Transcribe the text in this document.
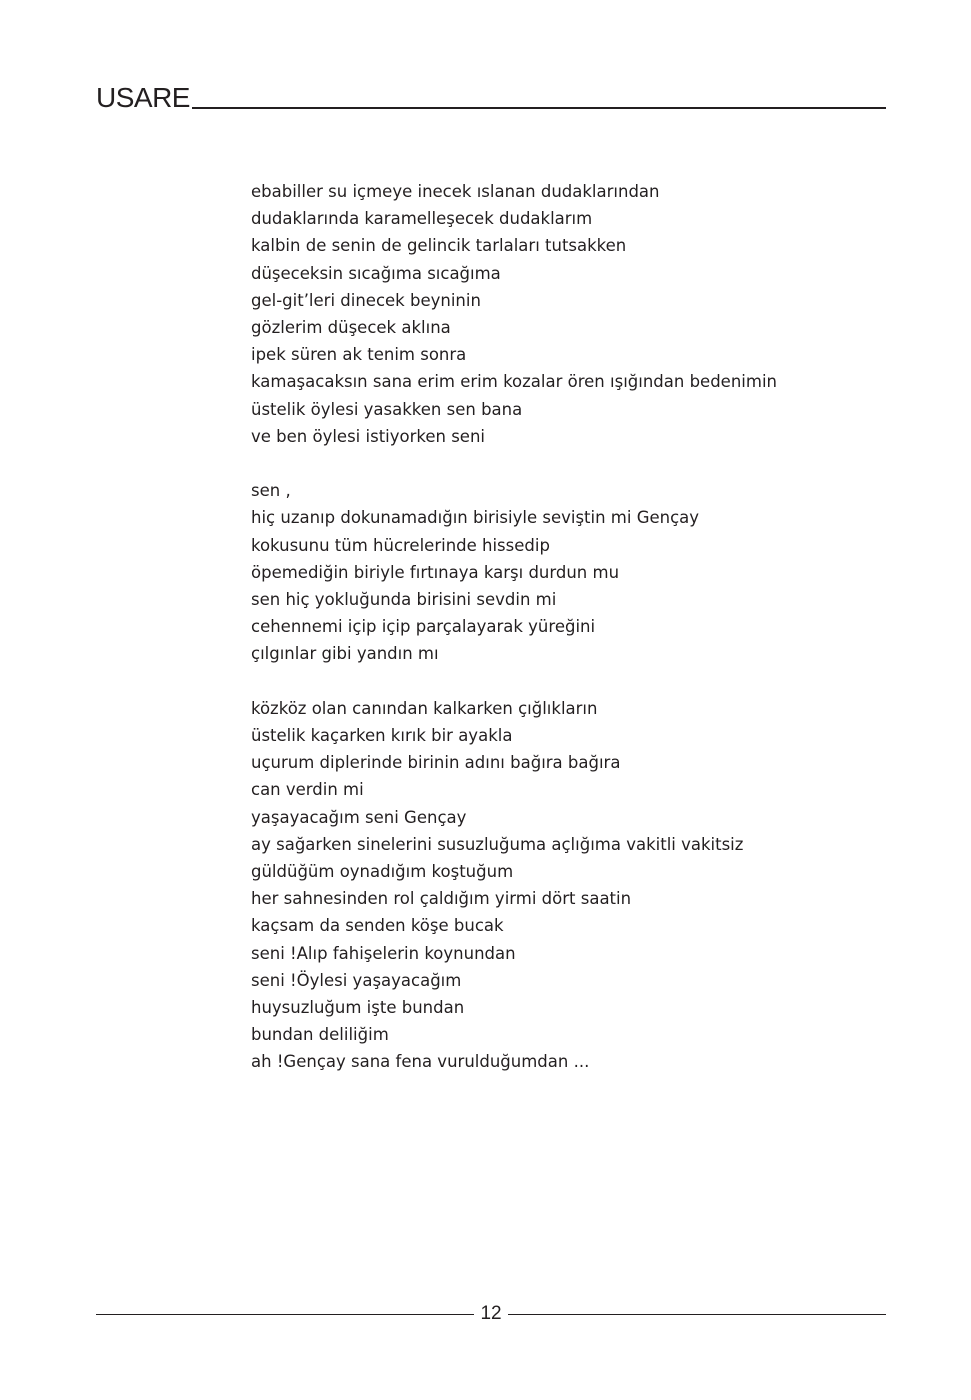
USARE
ebabiller su içmeye inecek ıslanan dudaklarından
dudaklarında karamelleşecek dudaklarım
kalbin de senin de gelincik tarlaları tutsakken
düşeceksin sıcağıma sıcağıma
gel-git’leri dinecek beyninin
gözlerim düşecek aklına
ipek süren ak tenim sonra
kamaşacaksın sana erim erim kozalar ören ışığından bedenimin
üstelik öylesi yasakken sen bana
ve ben öylesi istiyorken seni
sen ,
hiç uzanıp dokunamadığın birisiyle seviştin mi Gençay
kokusunu tüm hücrelerinde hissedip
öpemediğin biriyle fırtınaya karşı durdun mu
sen hiç yokluğunda birisini sevdin mi
cehennemi içip içip parçalayarak yüreğini
çılgınlar gibi yandın mı
közköz olan canından kalkarken çığlıkların
üstelik kaçarken kırık bir ayakla
uçurum diplerinde birinin adını bağıra bağıra
can verdin mi
yaşayacağım seni Gençay
ay sağarken sinelerini susuzluğuma açlığıma vakitli vakitsiz
güldüğüm oynadığım koştuğum
her sahnesinden rol çaldığım yirmi dört saatin
kaçsam da senden köşe bucak
seni !Alıp fahişelerin koynundan
seni !Öylesi yaşayacağım
huysuzluğum işte bundan
bundan deliliğim
ah !Gençay sana fena vurulduğumdan ...
12
